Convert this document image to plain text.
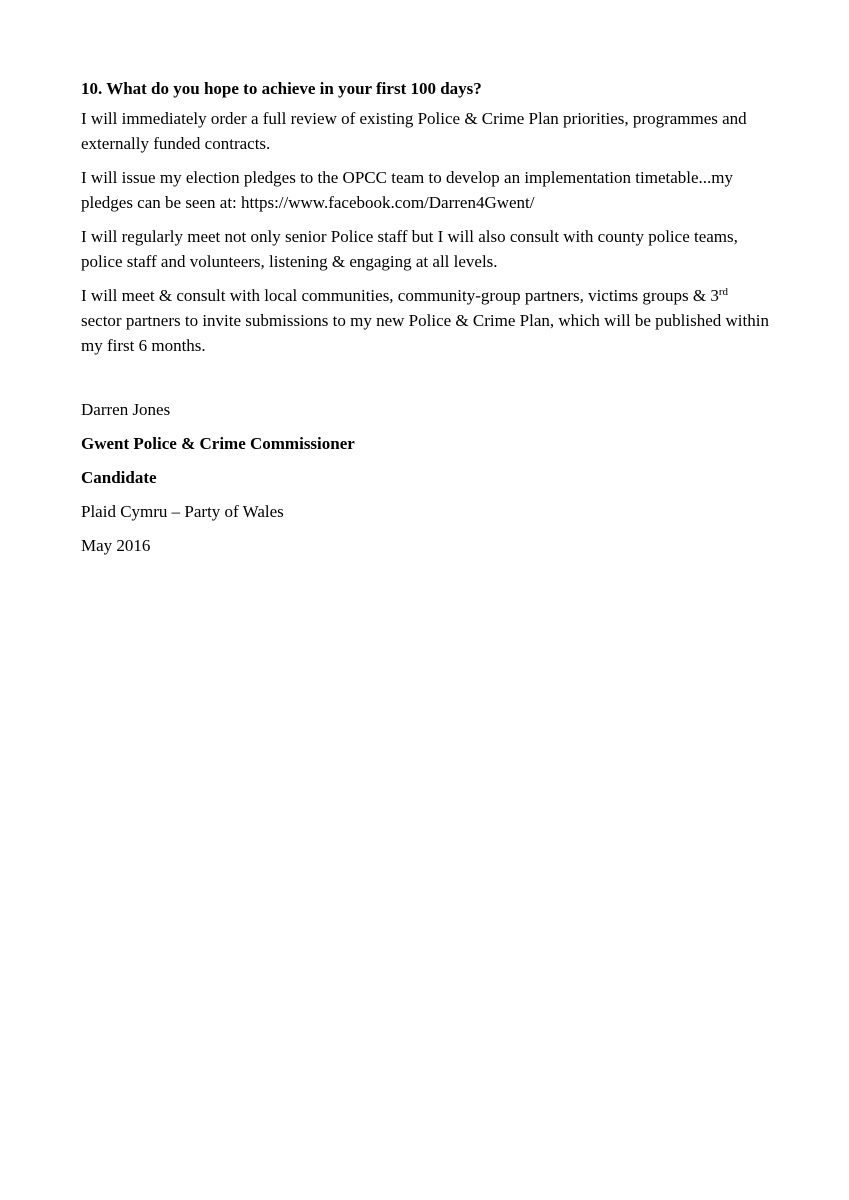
10. What do you hope to achieve in your first 100 days?

I will immediately order a full review of existing Police & Crime Plan priorities, programmes and externally funded contracts.

I will issue my election pledges to the OPCC team to develop an implementation timetable...my pledges can be seen at: https://www.facebook.com/Darren4Gwent/

I will regularly meet not only senior Police staff but I will also consult with county police teams, police staff and volunteers, listening & engaging at all levels.

I will meet & consult with local communities, community-group partners, victims groups & 3rd sector partners to invite submissions to my new Police & Crime Plan, which will be published within my first 6 months.

Darren Jones

Gwent Police & Crime Commissioner

Candidate

Plaid Cymru – Party of Wales

May 2016
